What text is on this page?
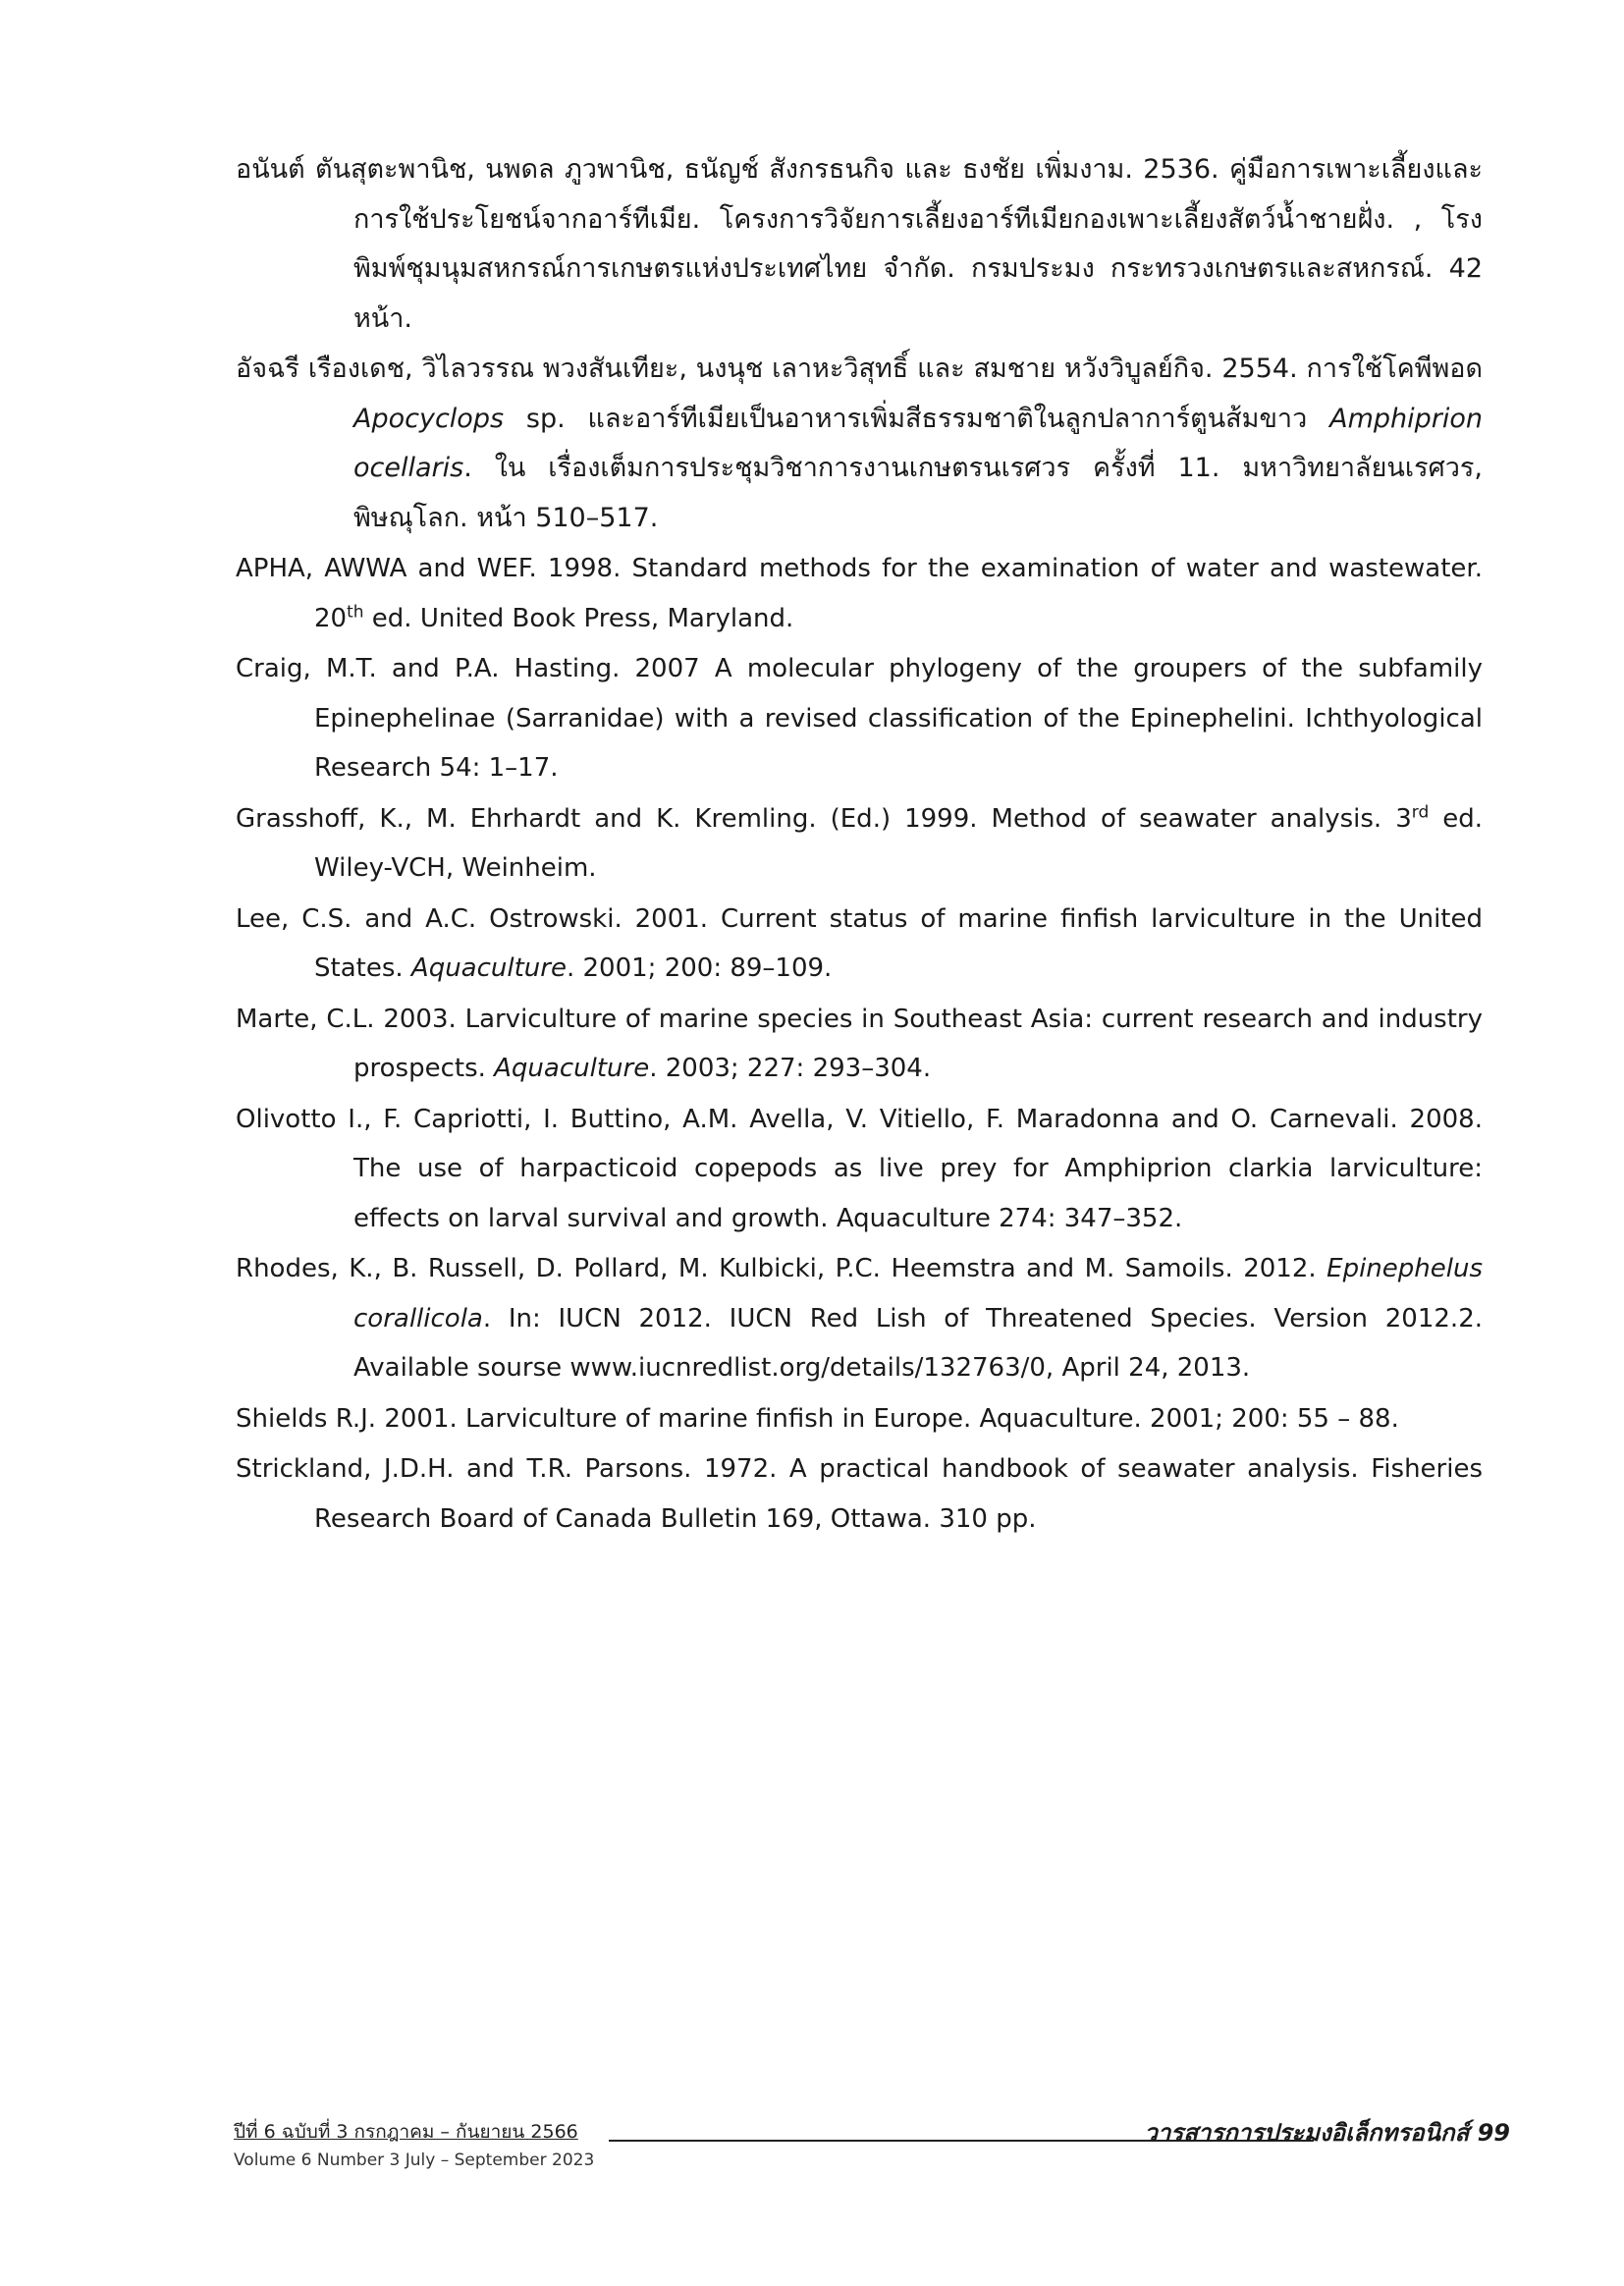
อนันต์ ตันสุตะพานิช, นพดล ภูวพานิช, ธนัญช์ สังกรธนกิจ และ ธงชัย เพิ่มงาม. 2536. คู่มือการเพาะเลี้ยงและการใช้ประโยชน์จากอาร์ทีเมีย. โครงการวิจัยการเลี้ยงอาร์ทีเมียกองเพาะเลี้ยงสัตว์น้ำชายฝั่ง. , โรงพิมพ์ชุมนุมสหกรณ์การเกษตรแห่งประเทศไทย จำกัด. กรมประมง กระทรวงเกษตรและสหกรณ์. 42 หน้า.
อัจฉรี เรืองเดช, วิไลวรรณ พวงสันเทียะ, นงนุช เลาหะวิสุทธิ์ และ สมชาย หวังวิบูลย์กิจ. 2554. การใช้โคพีพอด Apocyclops sp. และอาร์ทีเมียเป็นอาหารเพิ่มสีธรรมชาติในลูกปลาการ์ตูนส้มขาว Amphiprion ocellaris. ใน เรื่องเต็มการประชุมวิชาการงานเกษตรนเรศวร ครั้งที่ 11. มหาวิทยาลัยนเรศวร, พิษณุโลก. หน้า 510–517.
APHA, AWWA and WEF. 1998. Standard methods for the examination of water and wastewater. 20th ed. United Book Press, Maryland.
Craig, M.T. and P.A. Hasting. 2007 A molecular phylogeny of the groupers of the subfamily Epinephelinae (Sarranidae) with a revised classification of the Epinephelini. Ichthyological Research 54: 1–17.
Grasshoff, K., M. Ehrhardt and K. Kremling. (Ed.) 1999. Method of seawater analysis. 3rd ed. Wiley-VCH, Weinheim.
Lee, C.S. and A.C. Ostrowski. 2001. Current status of marine finfish larviculture in the United States. Aquaculture. 2001; 200: 89–109.
Marte, C.L. 2003. Larviculture of marine species in Southeast Asia: current research and industry prospects. Aquaculture. 2003; 227: 293–304.
Olivotto I., F. Capriotti, I. Buttino, A.M. Avella, V. Vitiello, F. Maradonna and O. Carnevali. 2008. The use of harpacticoid copepods as live prey for Amphiprion clarkia larviculture: effects on larval survival and growth. Aquaculture 274: 347–352.
Rhodes, K., B. Russell, D. Pollard, M. Kulbicki, P.C. Heemstra and M. Samoils. 2012. Epinephelus corallicola. In: IUCN 2012. IUCN Red Lish of Threatened Species. Version 2012.2. Available sourse www.iucnredlist.org/details/132763/0, April 24, 2013.
Shields R.J. 2001. Larviculture of marine finfish in Europe. Aquaculture. 2001; 200: 55 – 88.
Strickland, J.D.H. and T.R. Parsons. 1972. A practical handbook of seawater analysis. Fisheries Research Board of Canada Bulletin 169, Ottawa. 310 pp.
ปีที่ 6 ฉบับที่ 3 กรกฎาคม – กันยายน 2566	วารสารการประมงอิเล็กทรอนิกส์ 99
Volume 6 Number 3 July – September 2023
